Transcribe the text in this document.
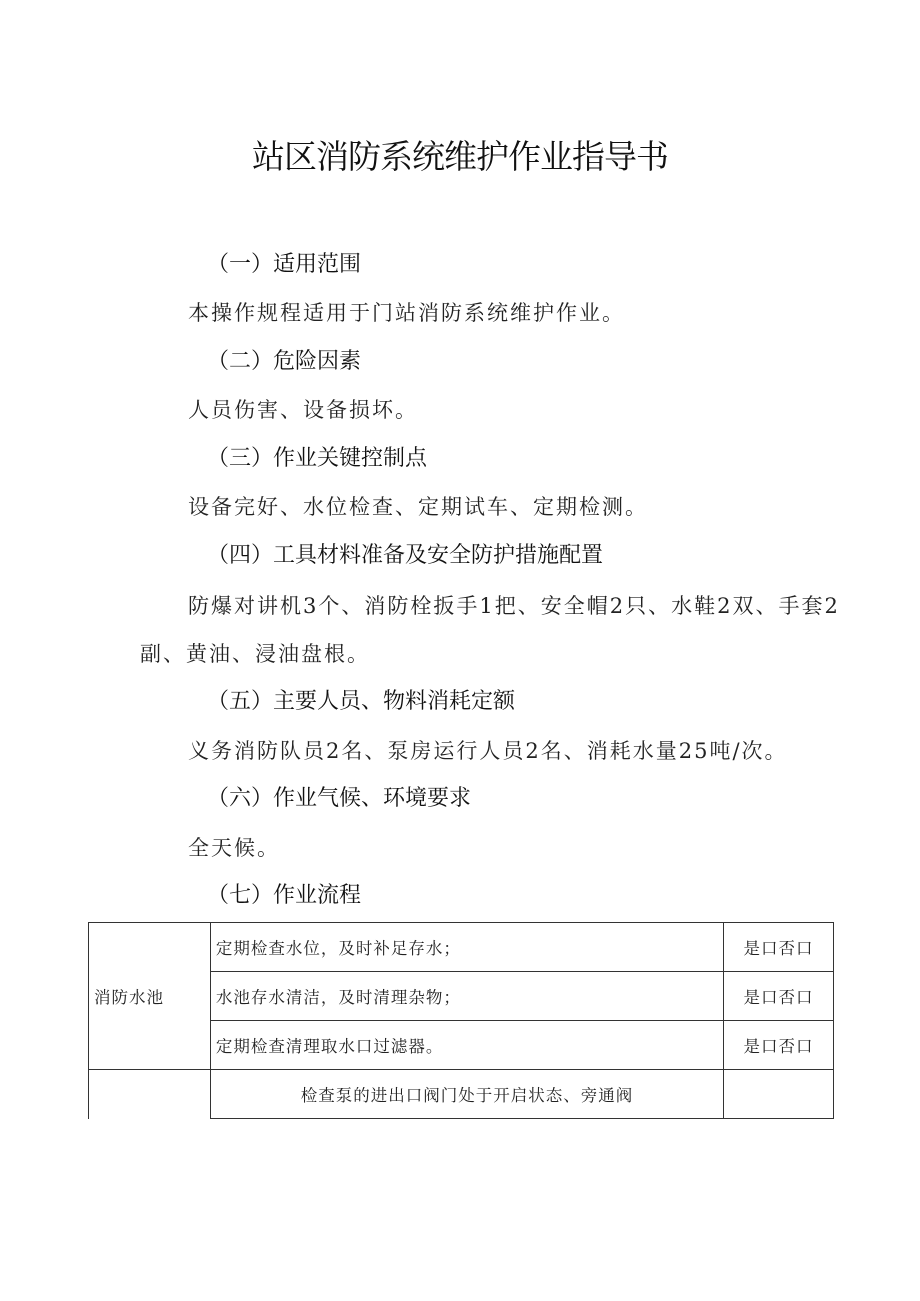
站区消防系统维护作业指导书
（一）适用范围

本操作规程适用于门站消防系统维护作业。

（二）危险因素

人员伤害、设备损坏。

（三）作业关键控制点

设备完好、水位检查、定期试车、定期检测。

（四）工具材料准备及安全防护措施配置

防爆对讲机3个、消防栓扳手1把、安全帽2只、水鞋2双、手套2副、黄油、浸油盘根。

（五）主要人员、物料消耗定额

义务消防队员2名、泵房运行人员2名、消耗水量25吨/次。

（六）作业气候、环境要求

全天候。

（七）作业流程
消防水池	定期检查水位，及时补足存水；	是口否口
	水池存水清洁，及时清理杂物；	是口否口
	定期检查清理取水口过滤器。	是口否口
	检查泵的进出口阀门处于开启状态、旁通阀	
